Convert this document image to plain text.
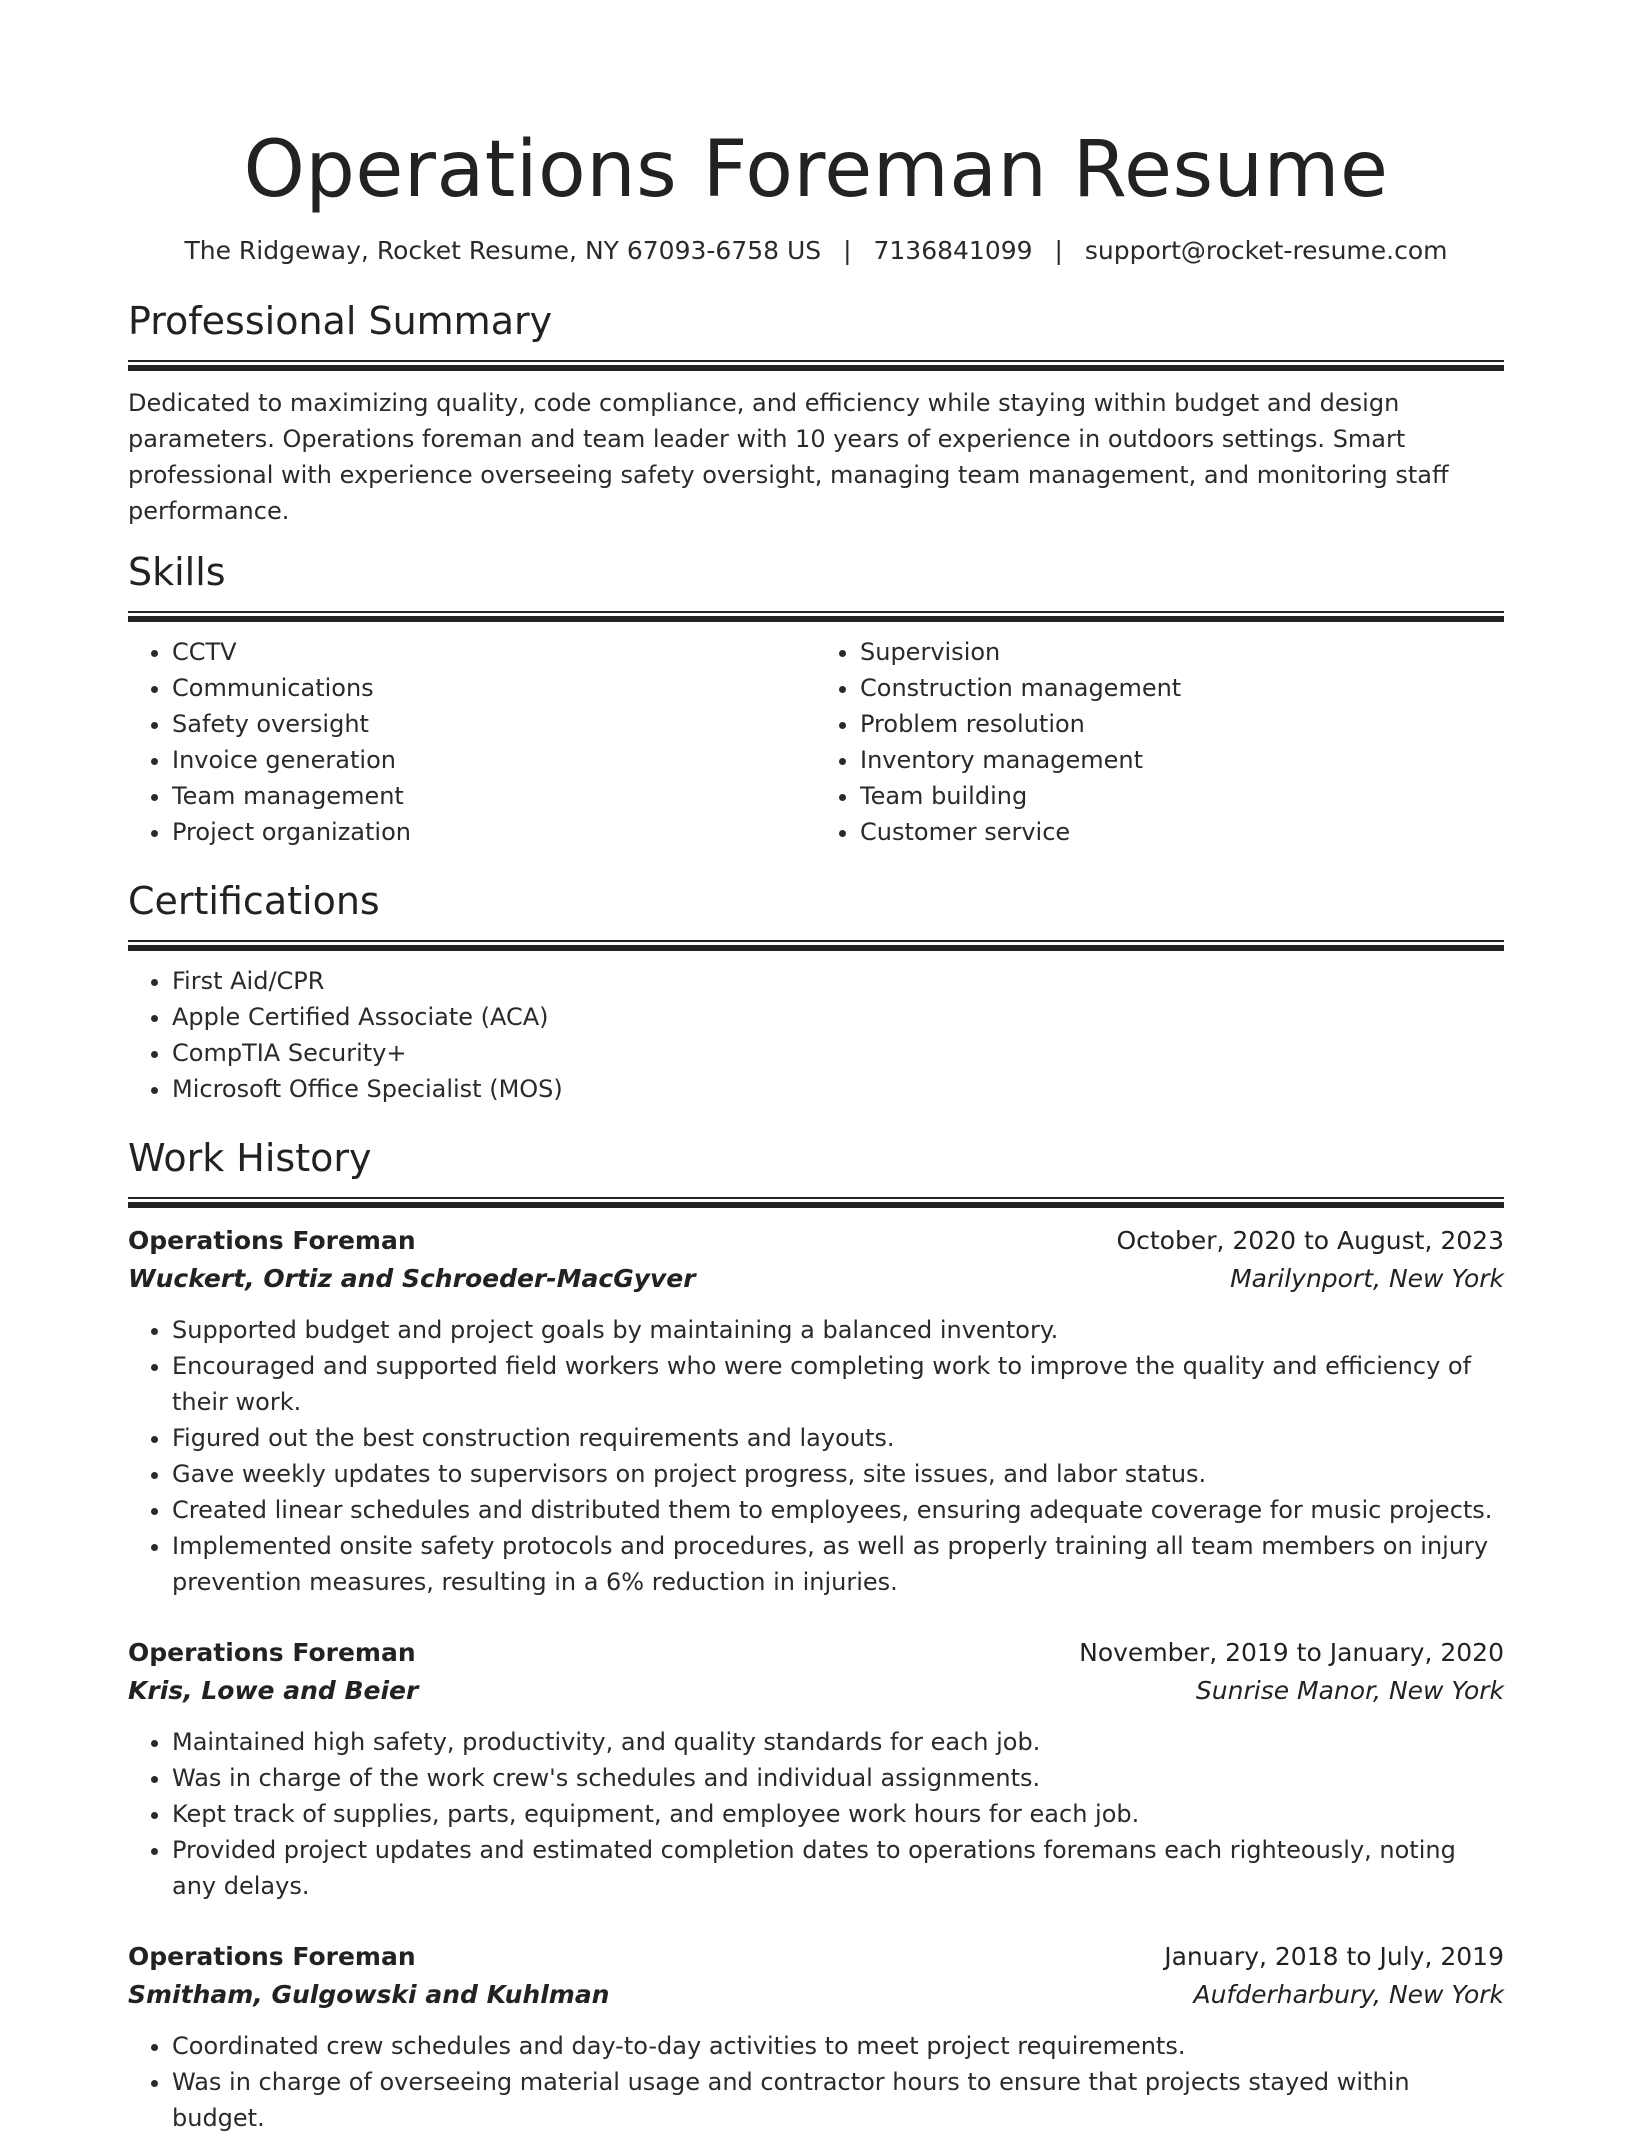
Operations Foreman Resume
The Ridgeway, Rocket Resume, NY 67093-6758 US | 7136841099 | support@rocket-resume.com
Professional Summary

Dedicated to maximizing quality, code compliance, and efficiency while staying within budget and design parameters. Operations foreman and team leader with 10 years of experience in outdoors settings. Smart professional with experience overseeing safety oversight, managing team management, and monitoring staff performance.

Skills
• CCTV
• Communications
• Safety oversight
• Invoice generation
• Team management
• Project organization
• Supervision
• Construction management
• Problem resolution
• Inventory management
• Team building
• Customer service
Certifications
• First Aid/CPR
• Apple Certified Associate (ACA)
• CompTIA Security+
• Microsoft Office Specialist (MOS)
Work History
Operations Foreman	October, 2020 to August, 2023
Wuckert, Ortiz and Schroeder-MacGyver	Marilynport, New York
• Supported budget and project goals by maintaining a balanced inventory.
• Encouraged and supported field workers who were completing work to improve the quality and efficiency of their work.
• Figured out the best construction requirements and layouts.
• Gave weekly updates to supervisors on project progress, site issues, and labor status.
• Created linear schedules and distributed them to employees, ensuring adequate coverage for music projects.
• Implemented onsite safety protocols and procedures, as well as properly training all team members on injury prevention measures, resulting in a 6% reduction in injuries.
Operations Foreman	November, 2019 to January, 2020
Kris, Lowe and Beier	Sunrise Manor, New York
• Maintained high safety, productivity, and quality standards for each job.
• Was in charge of the work crew's schedules and individual assignments.
• Kept track of supplies, parts, equipment, and employee work hours for each job.
• Provided project updates and estimated completion dates to operations foremans each righteously, noting any delays.
Operations Foreman	January, 2018 to July, 2019
Smitham, Gulgowski and Kuhlman	Aufderharbury, New York
• Coordinated crew schedules and day-to-day activities to meet project requirements.
• Was in charge of overseeing material usage and contractor hours to ensure that projects stayed within budget.
